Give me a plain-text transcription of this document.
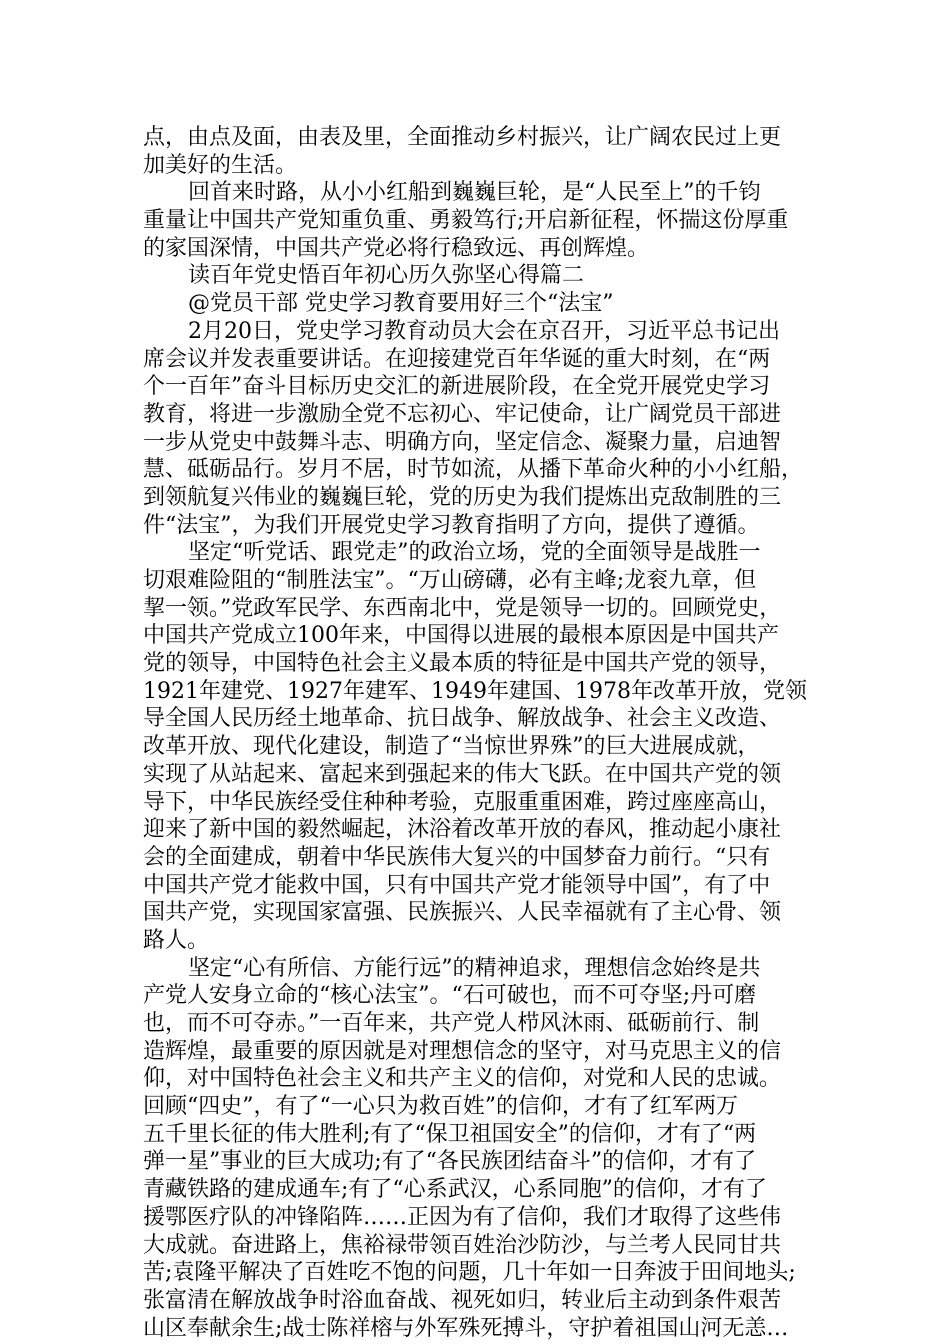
点，由点及面，由表及里，全面推动乡村振兴，让广阔农民过上更
加美好的生活。
回首来时路，从小小红船到巍巍巨轮，是“人民至上”的千钧
重量让中国共产党知重负重、勇毅笃行;开启新征程，怀揣这份厚重
的家国深情，中国共产党必将行稳致远、再创辉煌。
读百年党史悟百年初心历久弥坚心得篇二
@党员干部 党史学习教育要用好三个“法宝”
2月20日，党史学习教育动员大会在京召开，习近平总书记出
席会议并发表重要讲话。在迎接建党百年华诞的重大时刻，在“两
个一百年”奋斗目标历史交汇的新进展阶段，在全党开展党史学习
教育，将进一步激励全党不忘初心、牢记使命，让广阔党员干部进
一步从党史中鼓舞斗志、明确方向，坚定信念、凝聚力量，启迪智
慧、砥砺品行。岁月不居，时节如流，从播下革命火种的小小红船，
到领航复兴伟业的巍巍巨轮，党的历史为我们提炼出克敌制胜的三
件“法宝”，为我们开展党史学习教育指明了方向，提供了遵循。
坚定“听党话、跟党走”的政治立场，党的全面领导是战胜一
切艰难险阻的“制胜法宝”。“万山磅礴，必有主峰;龙衮九章，但
挈一领。”党政军民学、东西南北中，党是领导一切的。回顾党史，
中国共产党成立100年来，中国得以进展的最根本原因是中国共产
党的领导，中国特色社会主义最本质的特征是中国共产党的领导，
1921年建党、1927年建军、1949年建国、1978年改革开放，党领
导全国人民历经土地革命、抗日战争、解放战争、社会主义改造、
改革开放、现代化建设，制造了“当惊世界殊”的巨大进展成就，
实现了从站起来、富起来到强起来的伟大飞跃。在中国共产党的领
导下，中华民族经受住种种考验，克服重重困难，跨过座座高山，
迎来了新中国的毅然崛起，沐浴着改革开放的春风，推动起小康社
会的全面建成，朝着中华民族伟大复兴的中国梦奋力前行。“只有
中国共产党才能救中国，只有中国共产党才能领导中国”，有了中
国共产党，实现国家富强、民族振兴、人民幸福就有了主心骨、领
路人。
坚定“心有所信、方能行远”的精神追求，理想信念始终是共
产党人安身立命的“核心法宝”。“石可破也，而不可夺坚;丹可磨
也，而不可夺赤。”一百年来，共产党人栉风沐雨、砥砺前行、制
造辉煌，最重要的原因就是对理想信念的坚守，对马克思主义的信
仰，对中国特色社会主义和共产主义的信仰，对党和人民的忠诚。
回顾“四史”，有了“一心只为救百姓”的信仰，才有了红军两万
五千里长征的伟大胜利;有了“保卫祖国安全”的信仰，才有了“两
弹一星”事业的巨大成功;有了“各民族团结奋斗”的信仰，才有了
青藏铁路的建成通车;有了“心系武汉，心系同胞”的信仰，才有了
援鄂医疗队的冲锋陷阵……正因为有了信仰，我们才取得了这些伟
大成就。奋进路上，焦裕禄带领百姓治沙防沙，与兰考人民同甘共
苦;袁隆平解决了百姓吃不饱的问题，几十年如一日奔波于田间地头;
张富清在解放战争时浴血奋战、视死如归，转业后主动到条件艰苦
山区奉献余生;战士陈祥榕与外军殊死搏斗，守护着祖国山河无恙…
